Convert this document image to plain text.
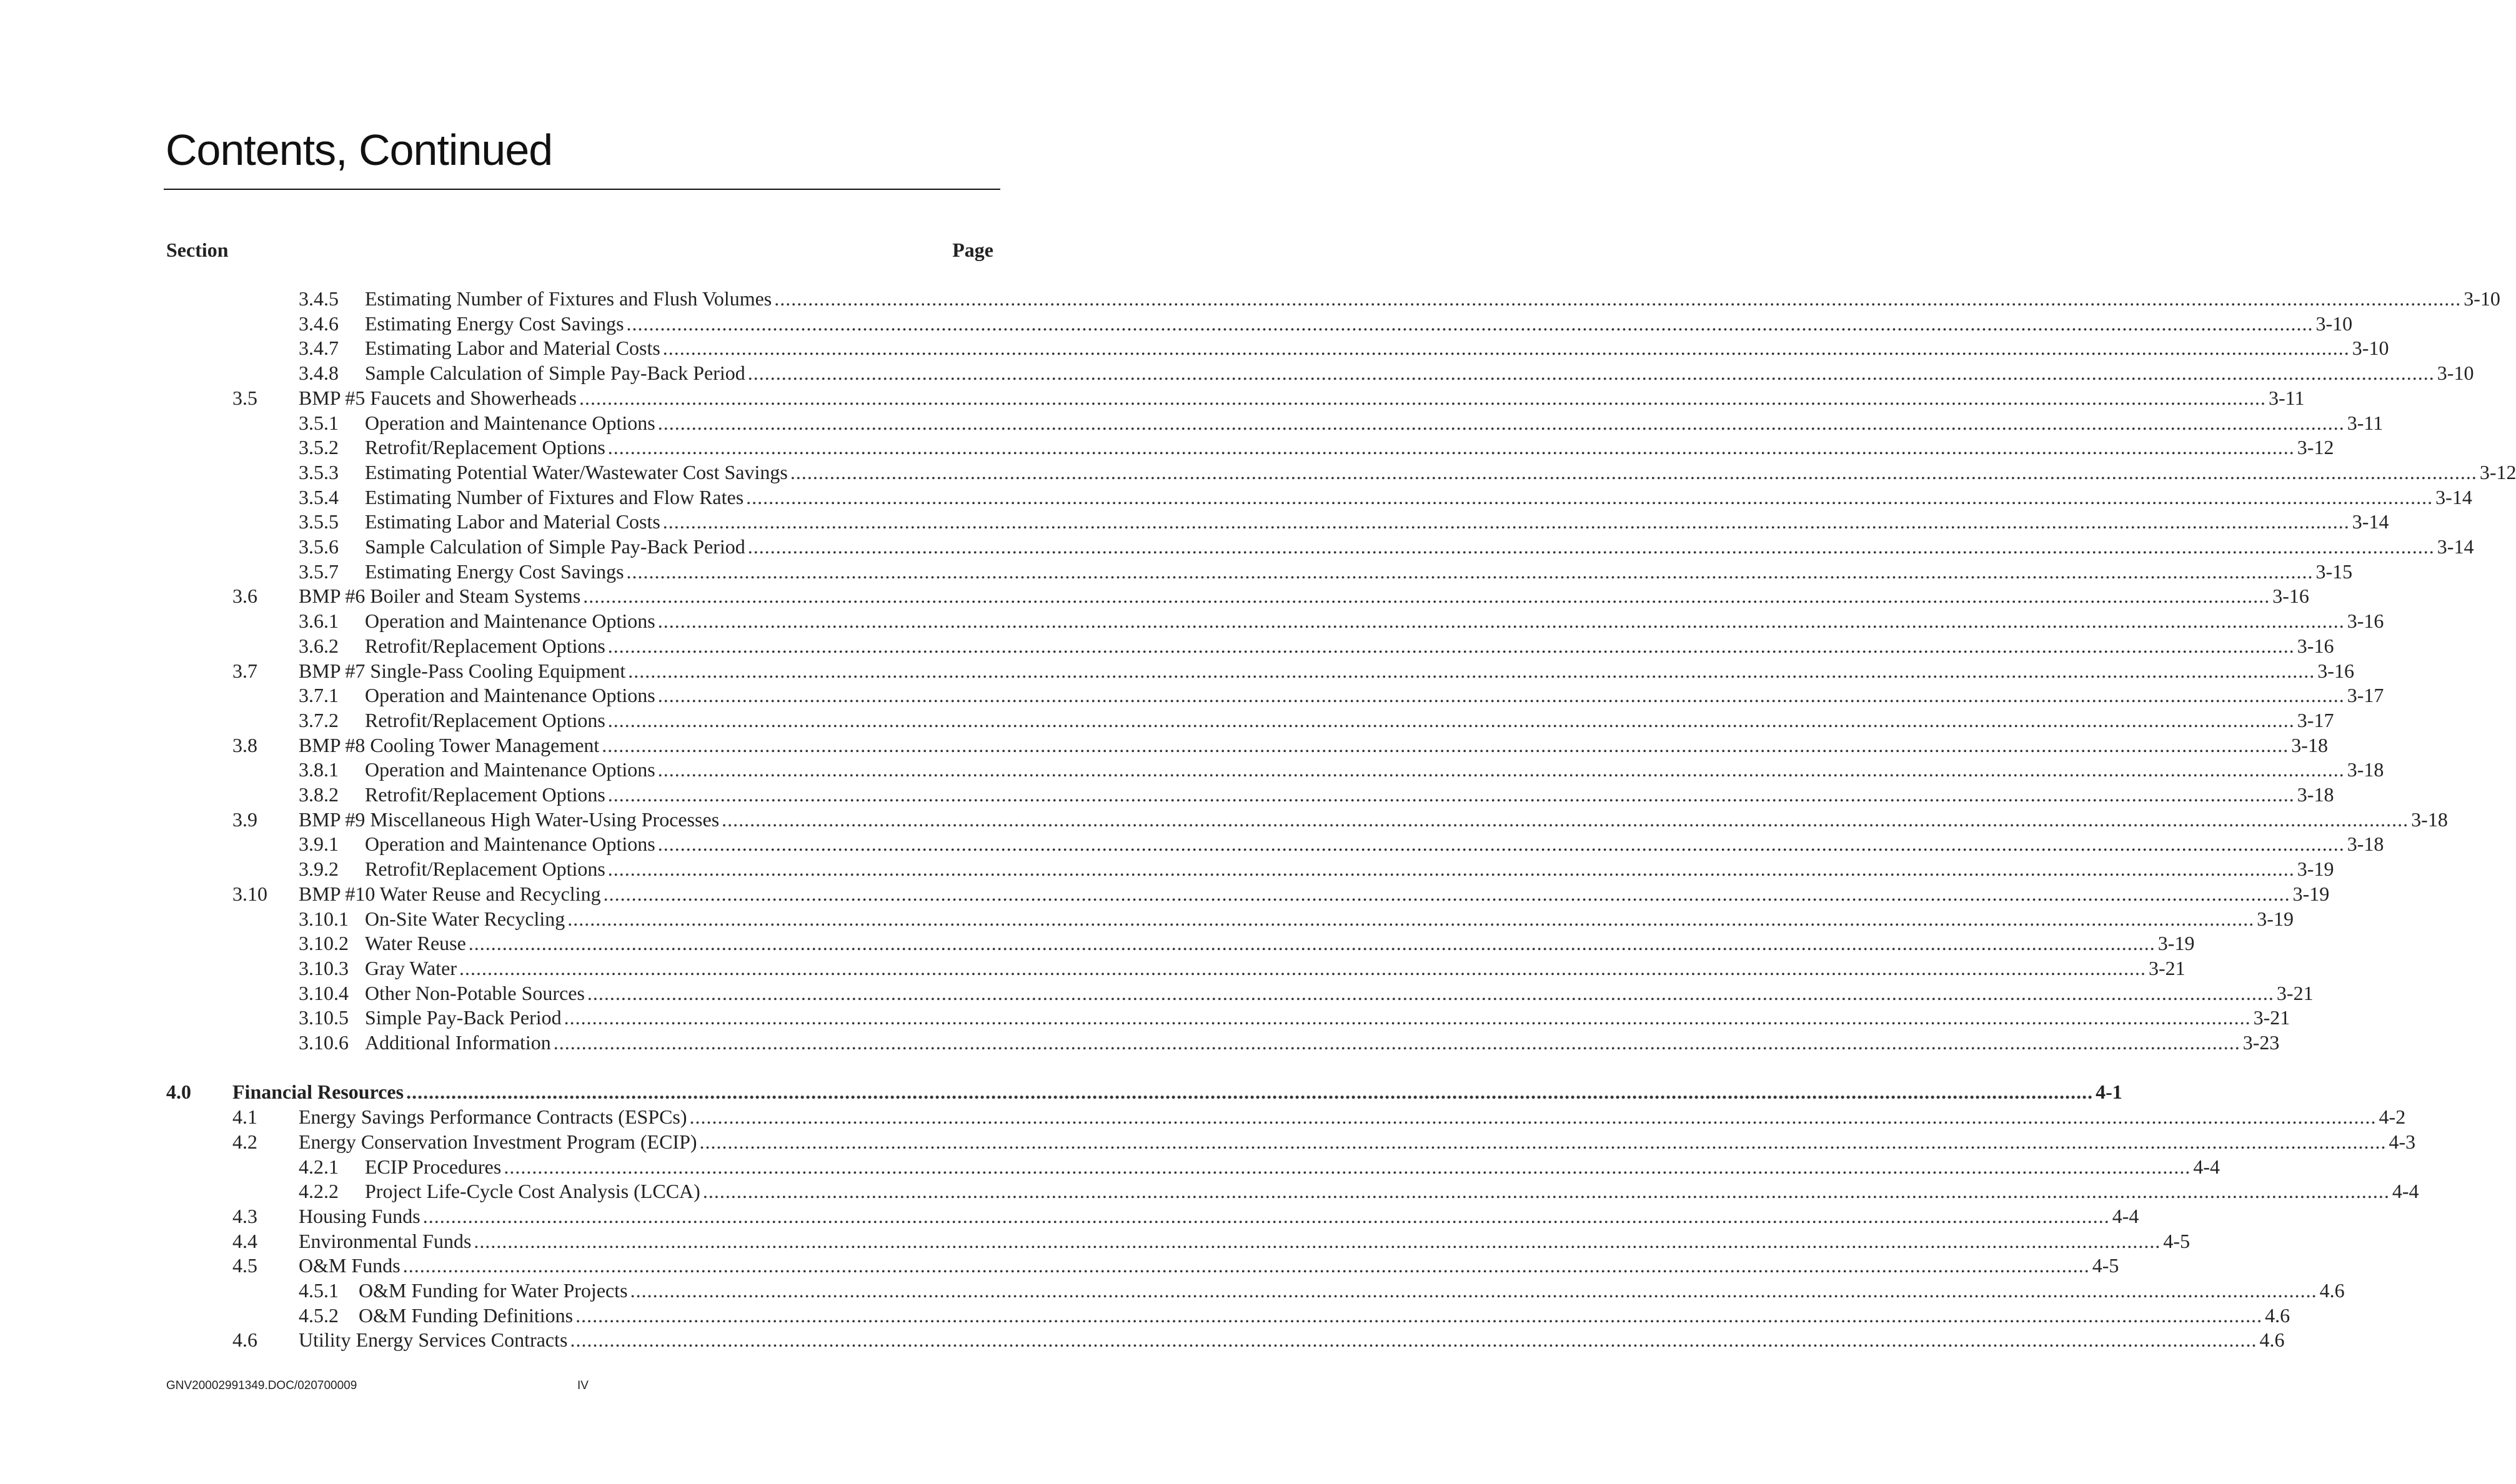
Contents, Continued
Section	Page
3.4.5 Estimating Number of Fixtures and Flush Volumes ............................................................................................................................................................................................................................................................................................................ 3-10
3.4.6 Estimating Energy Cost Savings ............................................................................................................................................................................................................................................................................................................ 3-10
3.4.7 Estimating Labor and Material Costs ............................................................................................................................................................................................................................................................................................................ 3-10
3.4.8 Sample Calculation of Simple Pay-Back Period ............................................................................................................................................................................................................................................................................................................ 3-10
3.5 BMP #5 Faucets and Showerheads ............................................................................................................................................................................................................................................................................................................ 3-11
3.5.1 Operation and Maintenance Options ............................................................................................................................................................................................................................................................................................................ 3-11
3.5.2 Retrofit/Replacement Options ............................................................................................................................................................................................................................................................................................................ 3-12
3.5.3 Estimating Potential Water/Wastewater Cost Savings ............................................................................................................................................................................................................................................................................................................ 3-12
3.5.4 Estimating Number of Fixtures and Flow Rates ............................................................................................................................................................................................................................................................................................................ 3-14
3.5.5 Estimating Labor and Material Costs ............................................................................................................................................................................................................................................................................................................ 3-14
3.5.6 Sample Calculation of Simple Pay-Back Period ............................................................................................................................................................................................................................................................................................................ 3-14
3.5.7 Estimating Energy Cost Savings ............................................................................................................................................................................................................................................................................................................ 3-15
3.6 BMP #6 Boiler and Steam Systems ............................................................................................................................................................................................................................................................................................................ 3-16
3.6.1 Operation and Maintenance Options ............................................................................................................................................................................................................................................................................................................ 3-16
3.6.2 Retrofit/Replacement Options ............................................................................................................................................................................................................................................................................................................ 3-16
3.7 BMP #7 Single-Pass Cooling Equipment ............................................................................................................................................................................................................................................................................................................ 3-16
3.7.1 Operation and Maintenance Options ............................................................................................................................................................................................................................................................................................................ 3-17
3.7.2 Retrofit/Replacement Options ............................................................................................................................................................................................................................................................................................................ 3-17
3.8 BMP #8 Cooling Tower Management ............................................................................................................................................................................................................................................................................................................ 3-18
3.8.1 Operation and Maintenance Options ............................................................................................................................................................................................................................................................................................................ 3-18
3.8.2 Retrofit/Replacement Options ............................................................................................................................................................................................................................................................................................................ 3-18
3.9 BMP #9 Miscellaneous High Water-Using Processes ............................................................................................................................................................................................................................................................................................................ 3-18
3.9.1 Operation and Maintenance Options ............................................................................................................................................................................................................................................................................................................ 3-18
3.9.2 Retrofit/Replacement Options ............................................................................................................................................................................................................................................................................................................ 3-19
3.10 BMP #10 Water Reuse and Recycling ............................................................................................................................................................................................................................................................................................................ 3-19
3.10.1 On-Site Water Recycling ............................................................................................................................................................................................................................................................................................................ 3-19
3.10.2 Water Reuse ............................................................................................................................................................................................................................................................................................................ 3-19
3.10.3 Gray Water ............................................................................................................................................................................................................................................................................................................ 3-21
3.10.4 Other Non-Potable Sources ............................................................................................................................................................................................................................................................................................................ 3-21
3.10.5 Simple Pay-Back Period ............................................................................................................................................................................................................................................................................................................ 3-21
3.10.6 Additional Information ............................................................................................................................................................................................................................................................................................................ 3-23
4.0 Financial Resources ............................................................................................................................................................................................................................................................................................................ 4-1
4.1 Energy Savings Performance Contracts (ESPCs) ............................................................................................................................................................................................................................................................................................................ 4-2
4.2 Energy Conservation Investment Program (ECIP) ............................................................................................................................................................................................................................................................................................................ 4-3
4.2.1 ECIP Procedures ............................................................................................................................................................................................................................................................................................................ 4-4
4.2.2 Project Life-Cycle Cost Analysis (LCCA) ............................................................................................................................................................................................................................................................................................................ 4-4
4.3 Housing Funds ............................................................................................................................................................................................................................................................................................................ 4-4
4.4 Environmental Funds ............................................................................................................................................................................................................................................................................................................ 4-5
4.5 O&M Funds ............................................................................................................................................................................................................................................................................................................ 4-5
4.5.1 O&M Funding for Water Projects ............................................................................................................................................................................................................................................................................................................ 4.6
4.5.2 O&M Funding Definitions ............................................................................................................................................................................................................................................................................................................ 4.6
4.6 Utility Energy Services Contracts ............................................................................................................................................................................................................................................................................................................ 4.6
GNV20002991349.DOC/020700009	IV
